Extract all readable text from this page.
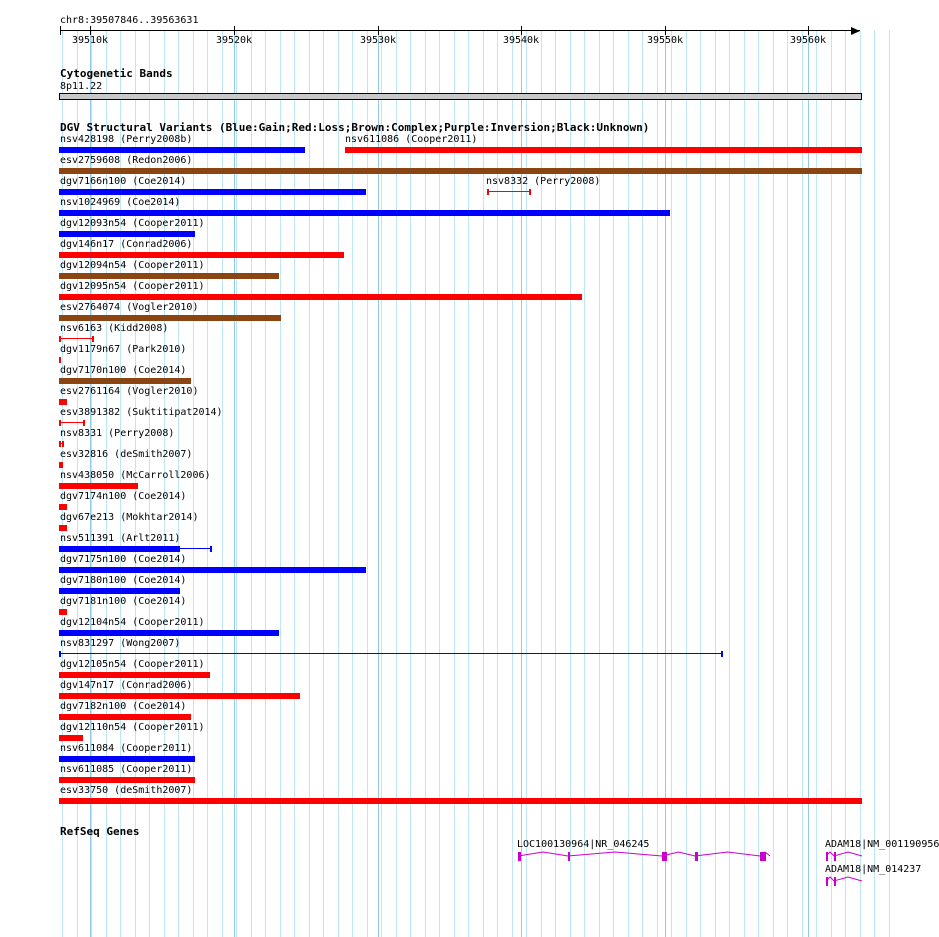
chr8:39507846..39563631
39510k	39520k	39530k	39540k	39550k	39560k
Cytogenetic Bands
8p11.22
DGV Structural Variants (Blue:Gain;Red:Loss;Brown:Complex;Purple:Inversion;Black:Unknown)
nsv428198 (Perry2008b)	nsv611086 (Cooper2011)
esv2759608 (Redon2006)
dgv7166n100 (Coe2014)	nsv8332 (Perry2008)
nsv1024969 (Coe2014)
dgv12093n54 (Cooper2011)
dgv146n17 (Conrad2006)
dgv12094n54 (Cooper2011)
dgv12095n54 (Cooper2011)
esv2764074 (Vogler2010)
nsv6163 (Kidd2008)
dgv1179n67 (Park2010)
dgv7170n100 (Coe2014)
esv2761164 (Vogler2010)
esv3891382 (Suktitipat2014)
nsv8331 (Perry2008)
esv32816 (deSmith2007)
nsv438050 (McCarroll2006)
dgv7174n100 (Coe2014)
dgv67e213 (Mokhtar2014)
nsv511391 (Arlt2011)
dgv7175n100 (Coe2014)
dgv7180n100 (Coe2014)
dgv7181n100 (Coe2014)
dgv12104n54 (Cooper2011)
nsv831297 (Wong2007)
dgv12105n54 (Cooper2011)
dgv147n17 (Conrad2006)
dgv7182n100 (Coe2014)
dgv12110n54 (Cooper2011)
nsv611084 (Cooper2011)
nsv611085 (Cooper2011)
esv33750 (deSmith2007)
RefSeq Genes
LOC100130964|NR_046245	ADAM18|NM_001190956
ADAM18|NM_014237
